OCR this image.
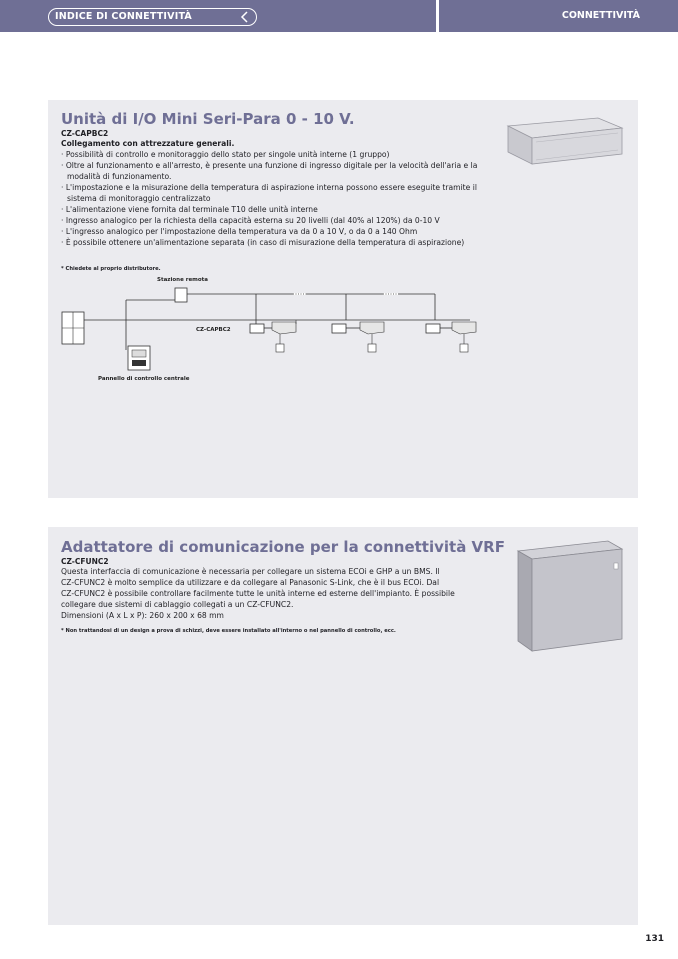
INDICE DI CONNETTIVITÀ	CONNETTIVITÀ
Unità di I/O Mini Seri-Para 0 - 10 V.
CZ-CAPBC2

Collegamento con attrezzature generali.

· Possibilità di controllo e monitoraggio dello stato per singole unità interne (1 gruppo)

· Oltre al funzionamento e all'arresto, è presente una funzione di ingresso digitale per la velocità dell'aria e la modalità di funzionamento.

· L'impostazione e la misurazione della temperatura di aspirazione interna possono essere eseguite tramite il sistema di monitoraggio centralizzato

· L'alimentazione viene fornita dal terminale T10 delle unità interne

· Ingresso analogico per la richiesta della capacità esterna su 20 livelli (dal 40% al 120%) da 0-10 V

· L'ingresso analogico per l'impostazione della temperatura va da 0 a 10 V, o da 0 a 140 Ohm

· È possibile ottenere un'alimentazione separata (in caso di misurazione della temperatura di aspirazione)

* Chiedete al proprio distributore.
Stazione remota
CZ-CAPBC2
Pannello di controllo centrale
Adattatore di comunicazione per la connettività VRF
CZ-CFUNC2

Questa interfaccia di comunicazione è necessaria per collegare un sistema ECOi e GHP a un BMS. Il

CZ-CFUNC2 è molto semplice da utilizzare e da collegare al Panasonic S-Link, che è il bus ECOi. Dal

CZ-CFUNC2 è possibile controllare facilmente tutte le unità interne ed esterne dell'impianto. È possibile

collegare due sistemi di cablaggio collegati a un CZ-CFUNC2.

Dimensioni (A x L x P): 260 x 200 x 68 mm

* Non trattandosi di un design a prova di schizzi, deve essere installato all'interno o nel pannello di controllo, ecc.
131
